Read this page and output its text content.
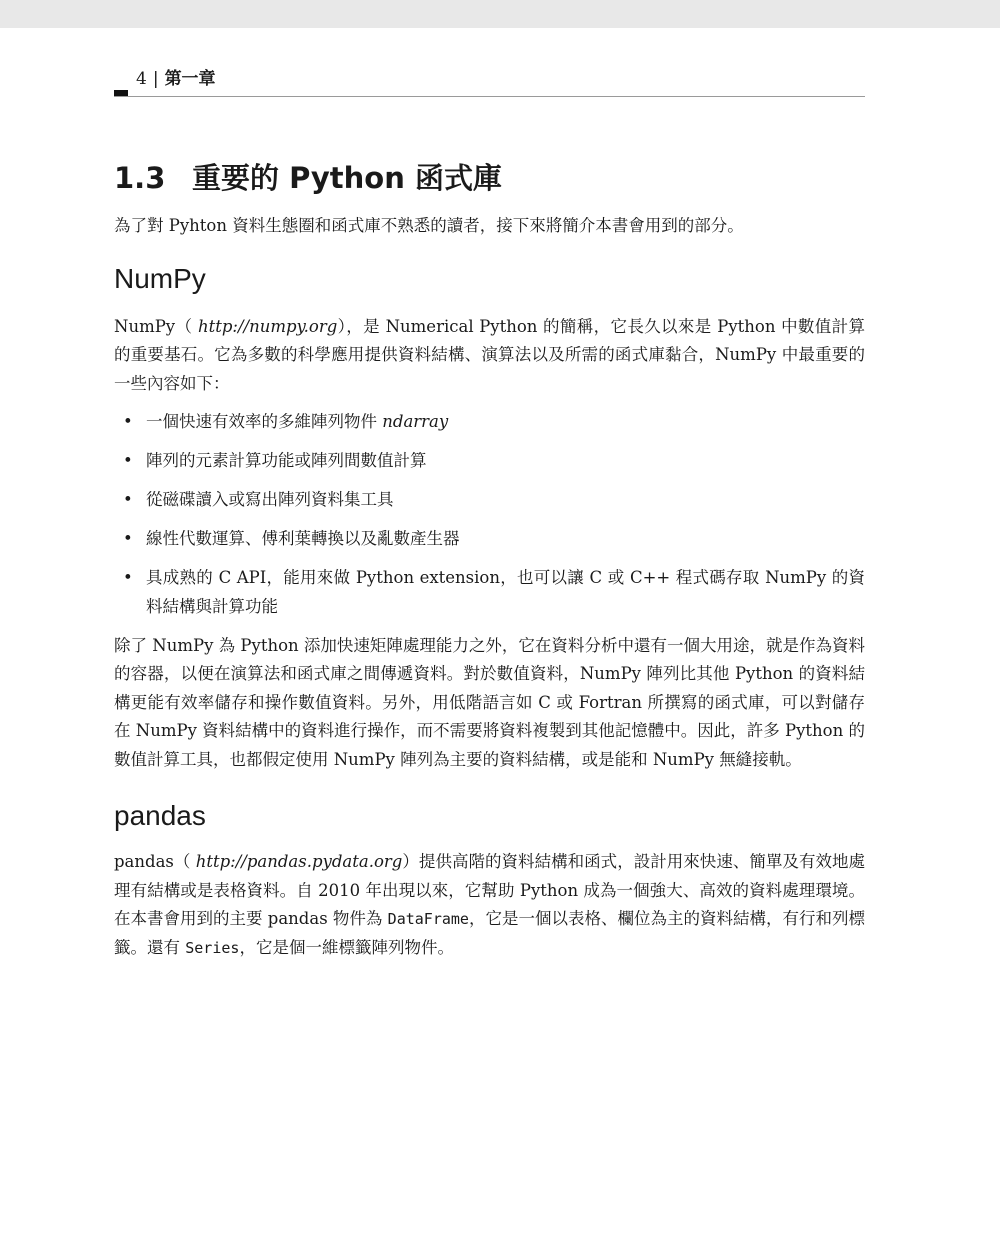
4 | 第一章
1.3 重要的 Python 函式庫

為了對 Pyhton 資料生態圈和函式庫不熟悉的讀者，接下來將簡介本書會用到的部分。

NumPy

NumPy（ http://numpy.org），是 Numerical Python 的簡稱，它長久以來是 Python 中數值計算的重要基石。它為多數的科學應用提供資料結構、演算法以及所需的函式庫黏合，NumPy 中最重要的一些內容如下：

• 一個快速有效率的多維陣列物件 ndarray
• 陣列的元素計算功能或陣列間數值計算
• 從磁碟讀入或寫出陣列資料集工具
• 線性代數運算、傅利葉轉換以及亂數產生器
• 具成熟的 C API，能用來做 Python extension，也可以讓 C 或 C++ 程式碼存取 NumPy 的資料結構與計算功能

除了 NumPy 為 Python 添加快速矩陣處理能力之外，它在資料分析中還有一個大用途，就是作為資料的容器，以便在演算法和函式庫之間傳遞資料。對於數值資料，NumPy 陣列比其他 Python 的資料結構更能有效率儲存和操作數值資料。另外，用低階語言如 C 或 Fortran 所撰寫的函式庫，可以對儲存在 NumPy 資料結構中的資料進行操作，而不需要將資料複製到其他記憶體中。因此，許多 Python 的數值計算工具，也都假定使用 NumPy 陣列為主要的資料結構，或是能和 NumPy 無縫接軌。

pandas

pandas（ http://pandas.pydata.org）提供高階的資料結構和函式，設計用來快速、簡單及有效地處理有結構或是表格資料。自 2010 年出現以來，它幫助 Python 成為一個強大、高效的資料處理環境。在本書會用到的主要 pandas 物件為 DataFrame，它是一個以表格、欄位為主的資料結構，有行和列標籤。還有 Series，它是個一維標籤陣列物件。
